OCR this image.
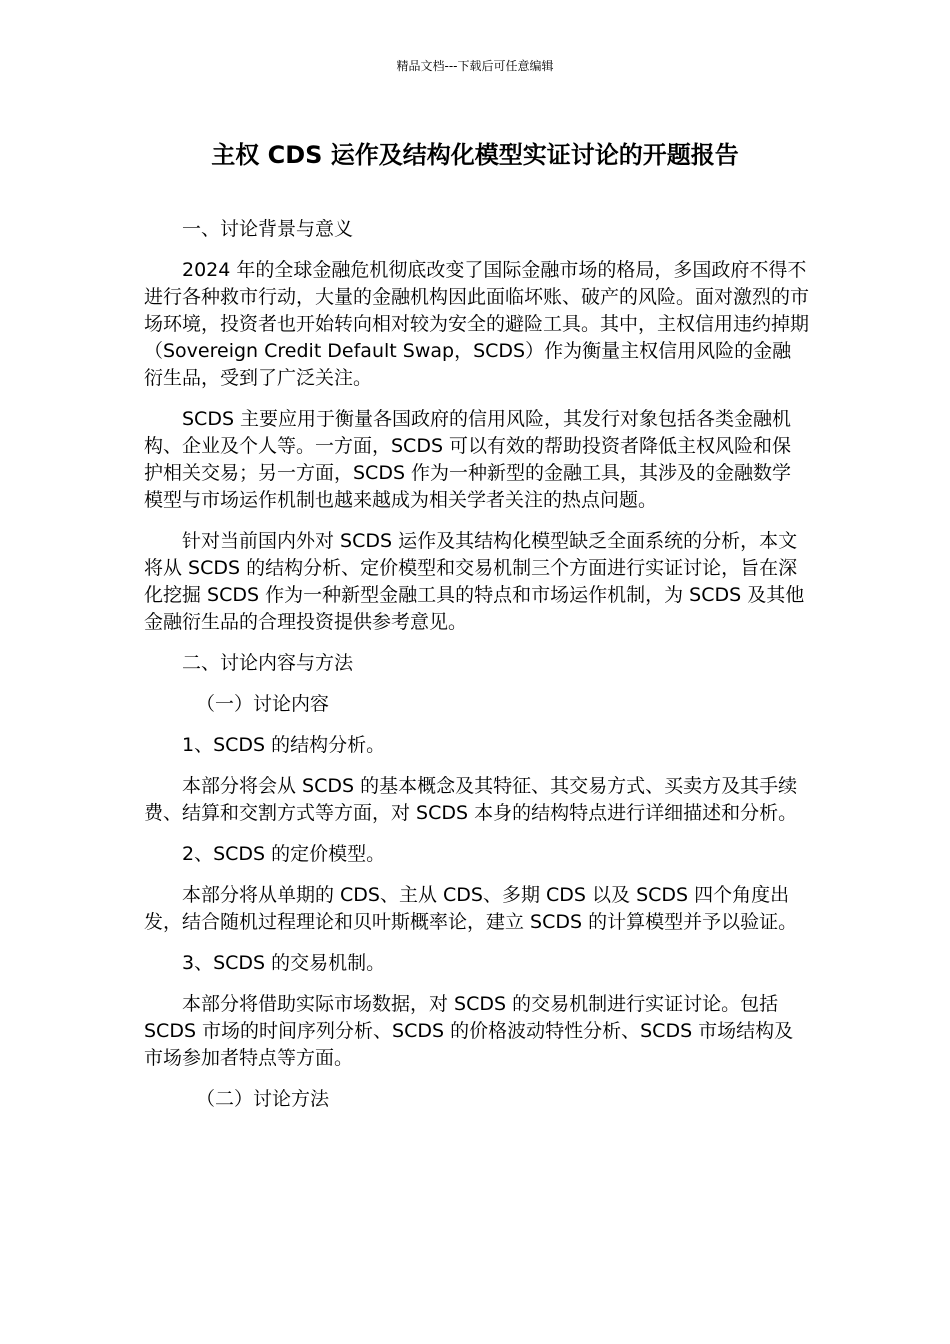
精品文档---下载后可任意编辑
主权 CDS 运作及结构化模型实证讨论的开题报告

一、讨论背景与意义

2024 年的全球金融危机彻底改变了国际金融市场的格局，多国政府不得不进行各种救市行动，大量的金融机构因此面临坏账、破产的风险。面对激烈的市场环境，投资者也开始转向相对较为安全的避险工具。其中，主权信用违约掉期（Sovereign Credit Default Swap，SCDS）作为衡量主权信用风险的金融衍生品，受到了广泛关注。

SCDS 主要应用于衡量各国政府的信用风险，其发行对象包括各类金融机构、企业及个人等。一方面，SCDS 可以有效的帮助投资者降低主权风险和保护相关交易；另一方面，SCDS 作为一种新型的金融工具，其涉及的金融数学模型与市场运作机制也越来越成为相关学者关注的热点问题。

针对当前国内外对 SCDS 运作及其结构化模型缺乏全面系统的分析，本文将从 SCDS 的结构分析、定价模型和交易机制三个方面进行实证讨论，旨在深化挖掘 SCDS 作为一种新型金融工具的特点和市场运作机制，为 SCDS 及其他金融衍生品的合理投资提供参考意见。

二、讨论内容与方法

（一）讨论内容

1、SCDS 的结构分析。

本部分将会从 SCDS 的基本概念及其特征、其交易方式、买卖方及其手续费、结算和交割方式等方面，对 SCDS 本身的结构特点进行详细描述和分析。

2、SCDS 的定价模型。

本部分将从单期的 CDS、主从 CDS、多期 CDS 以及 SCDS 四个角度出发，结合随机过程理论和贝叶斯概率论，建立 SCDS 的计算模型并予以验证。

3、SCDS 的交易机制。

本部分将借助实际市场数据，对 SCDS 的交易机制进行实证讨论。包括 SCDS 市场的时间序列分析、SCDS 的价格波动特性分析、SCDS 市场结构及市场参加者特点等方面。

（二）讨论方法
